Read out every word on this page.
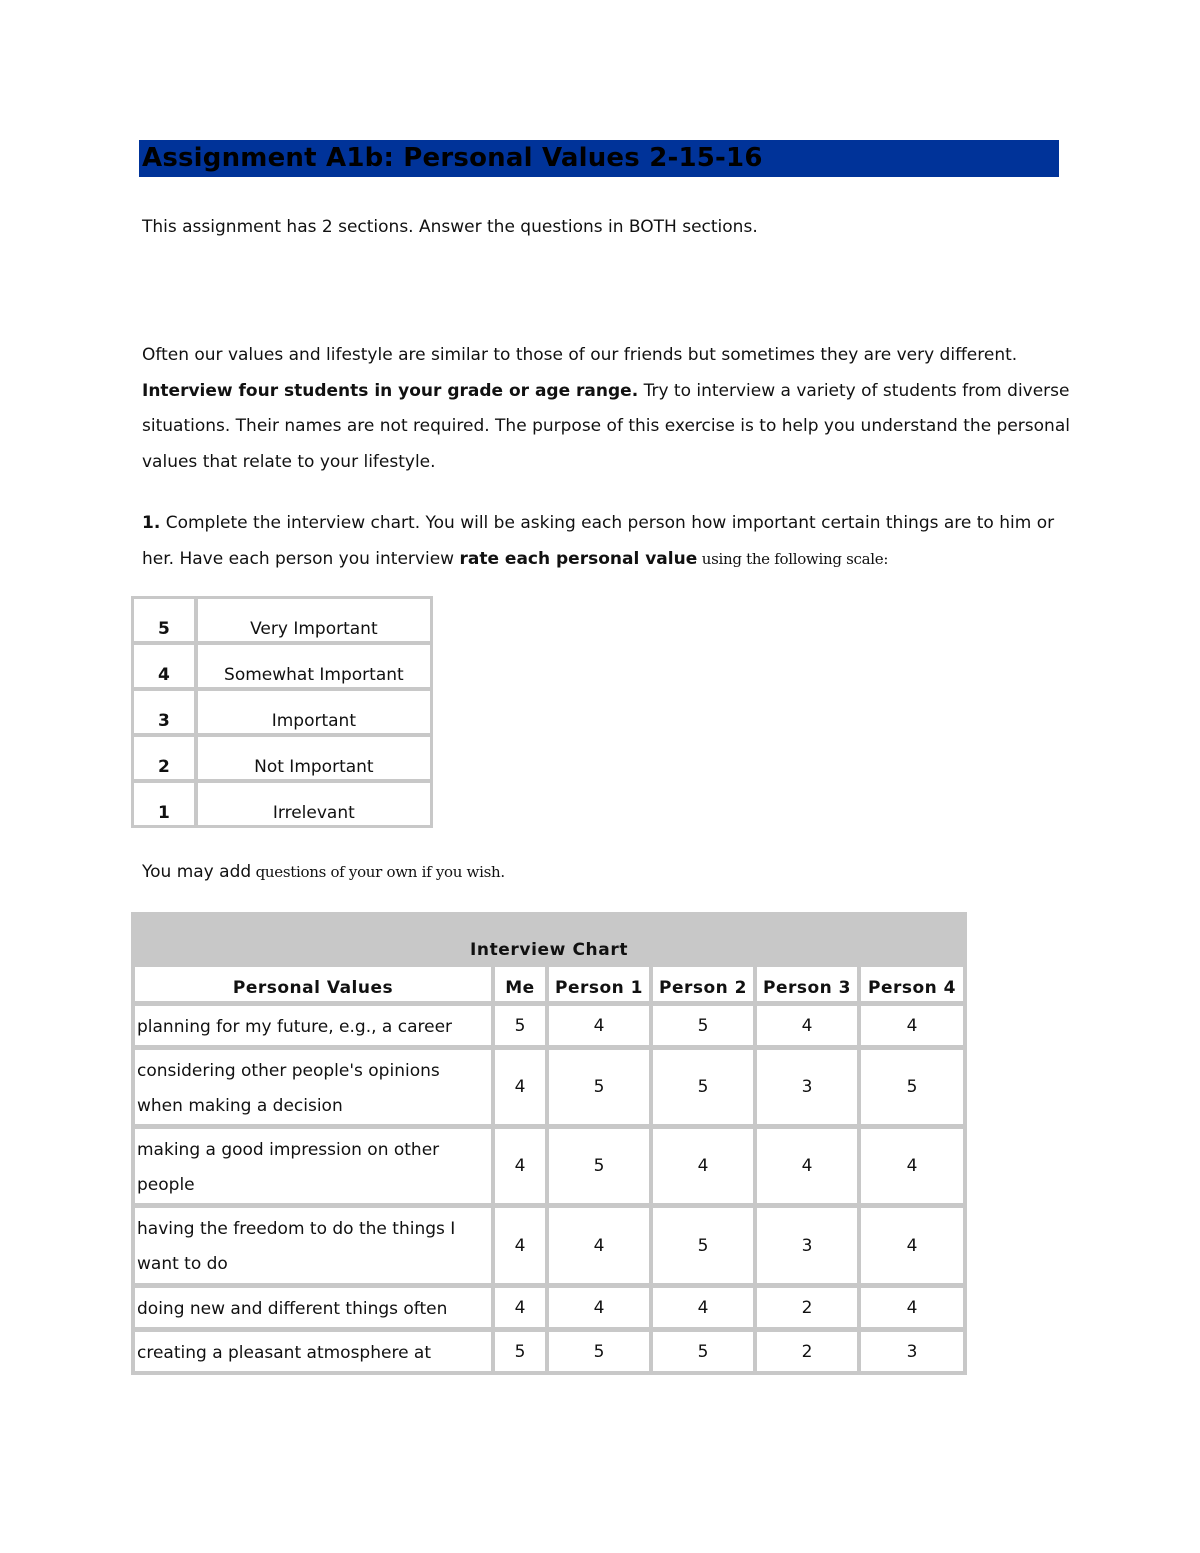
Assignment A1b: Personal Values 2-15-16

This assignment has 2 sections. Answer the questions in BOTH sections.

Often our values and lifestyle are similar to those of our friends but sometimes they are very different. Interview four students in your grade or age range. Try to interview a variety of students from diverse situations. Their names are not required. The purpose of this exercise is to help you understand the personal values that relate to your lifestyle.

1. Complete the interview chart. You will be asking each person how important certain things are to him or her. Have each person you interview rate each personal value using the following scale:

5	Very Important
4	Somewhat Important
3	Important
2	Not Important
1	Irrelevant

You may add questions of your own if you wish.

Interview Chart					
Personal Values	Me	Person 1	Person 2	Person 3	Person 4
planning for my future, e.g., a career	5	4	5	4	4
considering other people's opinions when making a decision	4	5	5	3	5
making a good impression on other people	4	5	4	4	4
having the freedom to do the things I want to do	4	4	5	3	4
doing new and different things often	4	4	4	2	4
creating a pleasant atmosphere at	5	5	5	2	3
